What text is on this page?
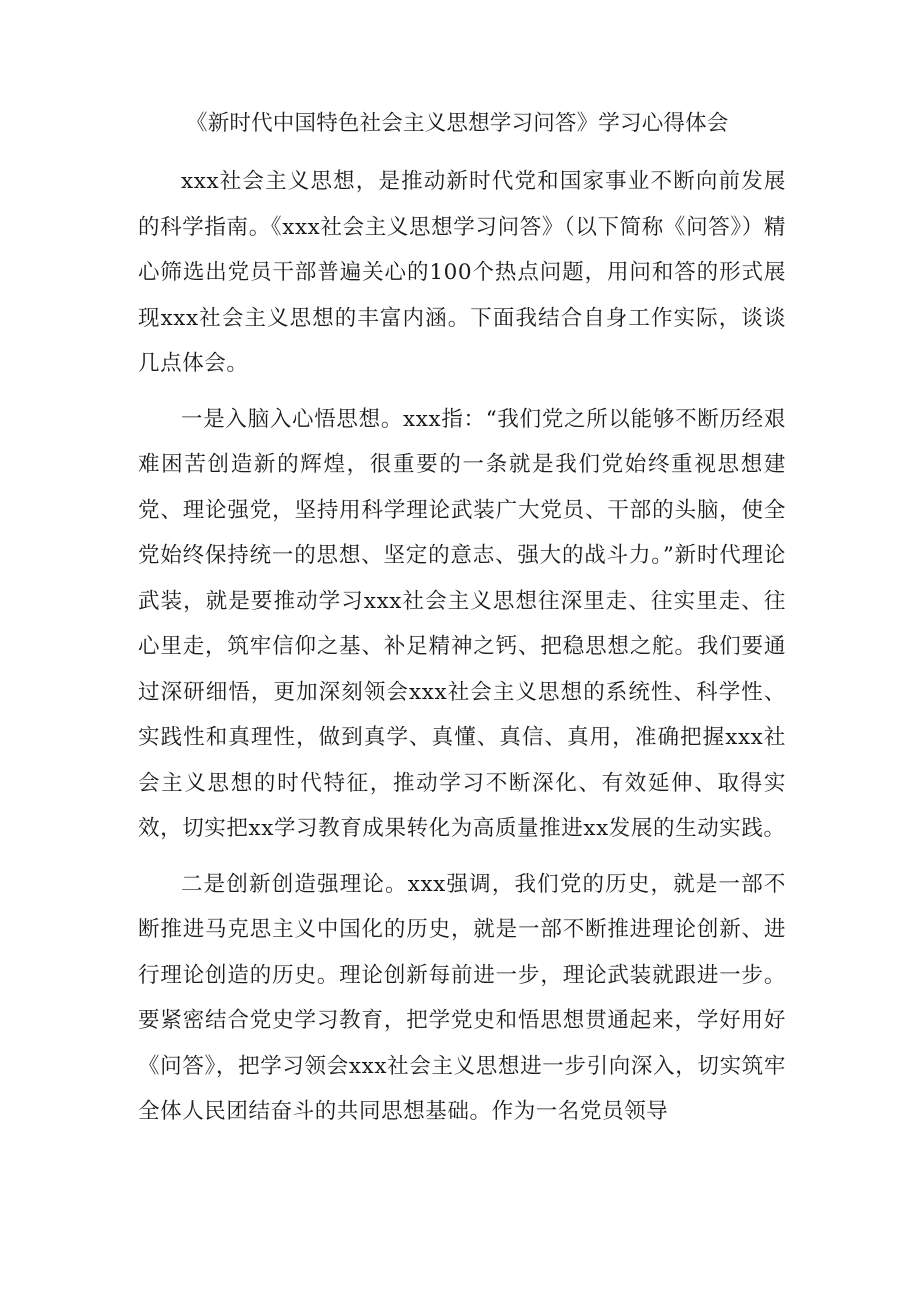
《新时代中国特色社会主义思想学习问答》学习心得体会

xxx社会主义思想，是推动新时代党和国家事业不断向前发展的科学指南。《xxx社会主义思想学习问答》（以下简称《问答》）精心筛选出党员干部普遍关心的100个热点问题，用问和答的形式展现xxx社会主义思想的丰富内涵。下面我结合自身工作实际，谈谈几点体会。

一是入脑入心悟思想。xxx指：“我们党之所以能够不断历经艰难困苦创造新的辉煌，很重要的一条就是我们党始终重视思想建党、理论强党，坚持用科学理论武装广大党员、干部的头脑，使全党始终保持统一的思想、坚定的意志、强大的战斗力。”新时代理论武装，就是要推动学习xxx社会主义思想往深里走、往实里走、往心里走，筑牢信仰之基、补足精神之钙、把稳思想之舵。我们要通过深研细悟，更加深刻领会xxx社会主义思想的系统性、科学性、实践性和真理性，做到真学、真懂、真信、真用，准确把握xxx社会主义思想的时代特征，推动学习不断深化、有效延伸、取得实效，切实把xx学习教育成果转化为高质量推进xx发展的生动实践。

二是创新创造强理论。xxx强调，我们党的历史，就是一部不断推进马克思主义中国化的历史，就是一部不断推进理论创新、进行理论创造的历史。理论创新每前进一步，理论武装就跟进一步。要紧密结合党史学习教育，把学党史和悟思想贯通起来，学好用好《问答》，把学习领会xxx社会主义思想进一步引向深入，切实筑牢全体人民团结奋斗的共同思想基础。作为一名党员领导
